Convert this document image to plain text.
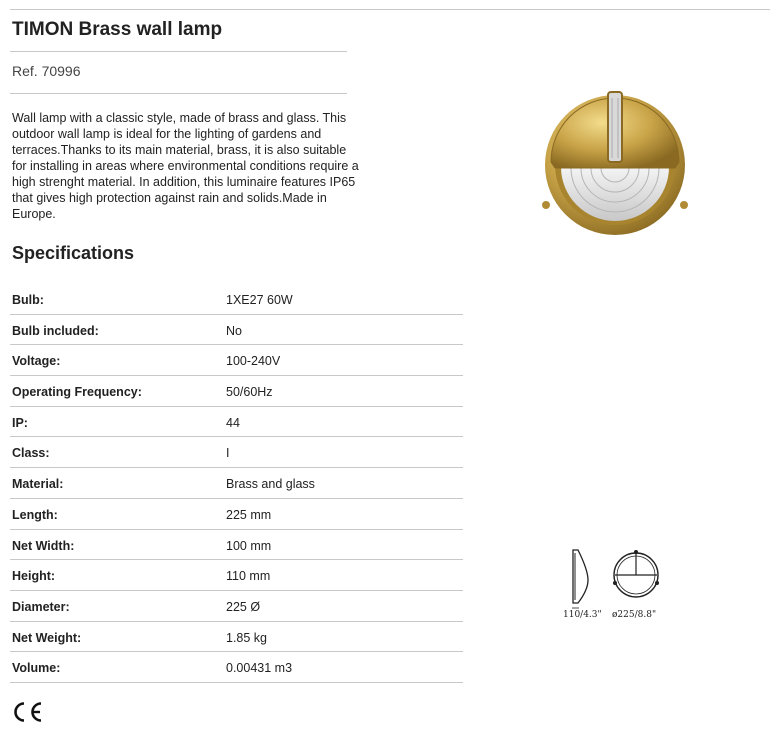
TIMON Brass wall lamp
Ref. 70996

Wall lamp with a classic style, made of brass and glass. This outdoor wall lamp is ideal for the lighting of gardens and terraces.Thanks to its main material, brass, it is also suitable for installing in areas where environmental conditions require a high strenght material. In addition, this luminaire features IP65 that gives high protection against rain and solids.Made in Europe.

Specifications
Bulb:	1XE27 60W
Bulb included:	No
Voltage:	100-240V
Operating Frequency:	50/60Hz
IP:	44
Class:	I
Material:	Brass and glass
Length:	225 mm
Net Width:	100 mm
Height:	110 mm
Diameter:	225 Ø
Net Weight:	1.85 kg
Volume:	0.00431 m3
110/4.3" ø225/8.8"
